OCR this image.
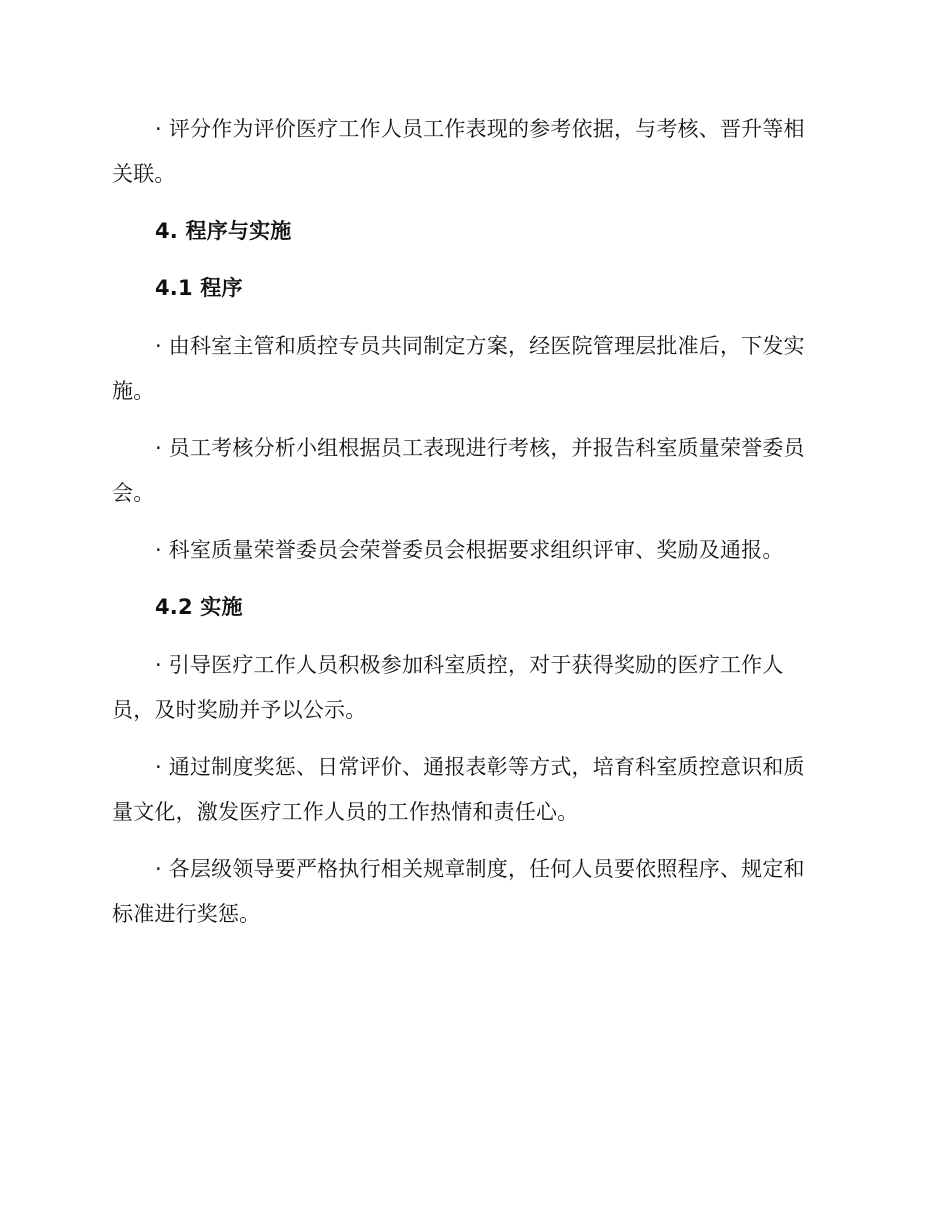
· 评分作为评价医疗工作人员工作表现的参考依据，与考核、晋升等相关联。

4. 程序与实施

4.1 程序

· 由科室主管和质控专员共同制定方案，经医院管理层批准后，下发实施。

· 员工考核分析小组根据员工表现进行考核，并报告科室质量荣誉委员会。

· 科室质量荣誉委员会荣誉委员会根据要求组织评审、奖励及通报。

4.2 实施

· 引导医疗工作人员积极参加科室质控，对于获得奖励的医疗工作人员，及时奖励并予以公示。

· 通过制度奖惩、日常评价、通报表彰等方式，培育科室质控意识和质量文化，激发医疗工作人员的工作热情和责任心。

· 各层级领导要严格执行相关规章制度，任何人员要依照程序、规定和标准进行奖惩。
